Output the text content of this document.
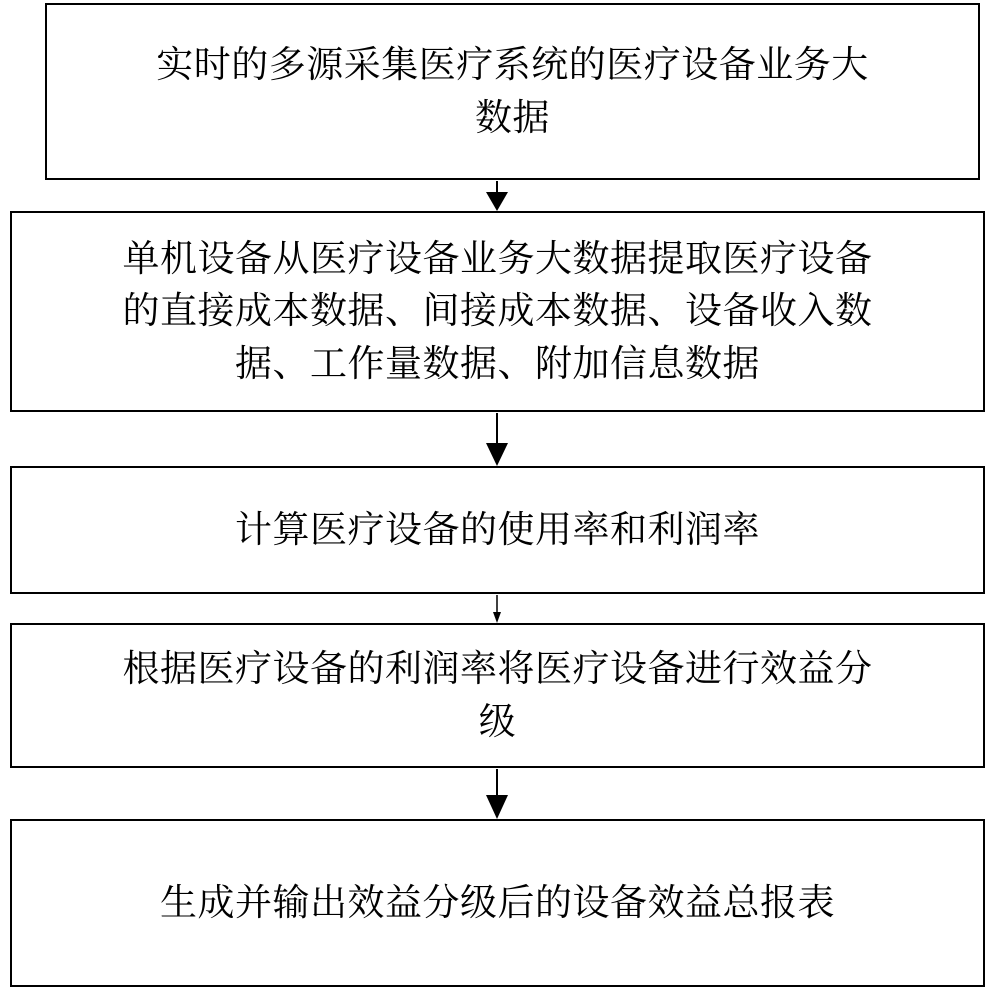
实时的多源采集医疗系统的医疗设备业务大
数据
单机设备从医疗设备业务大数据提取医疗设备
的直接成本数据、间接成本数据、设备收入数
据、工作量数据、附加信息数据
计算医疗设备的使用率和利润率
根据医疗设备的利润率将医疗设备进行效益分
级
生成并输出效益分级后的设备效益总报表
